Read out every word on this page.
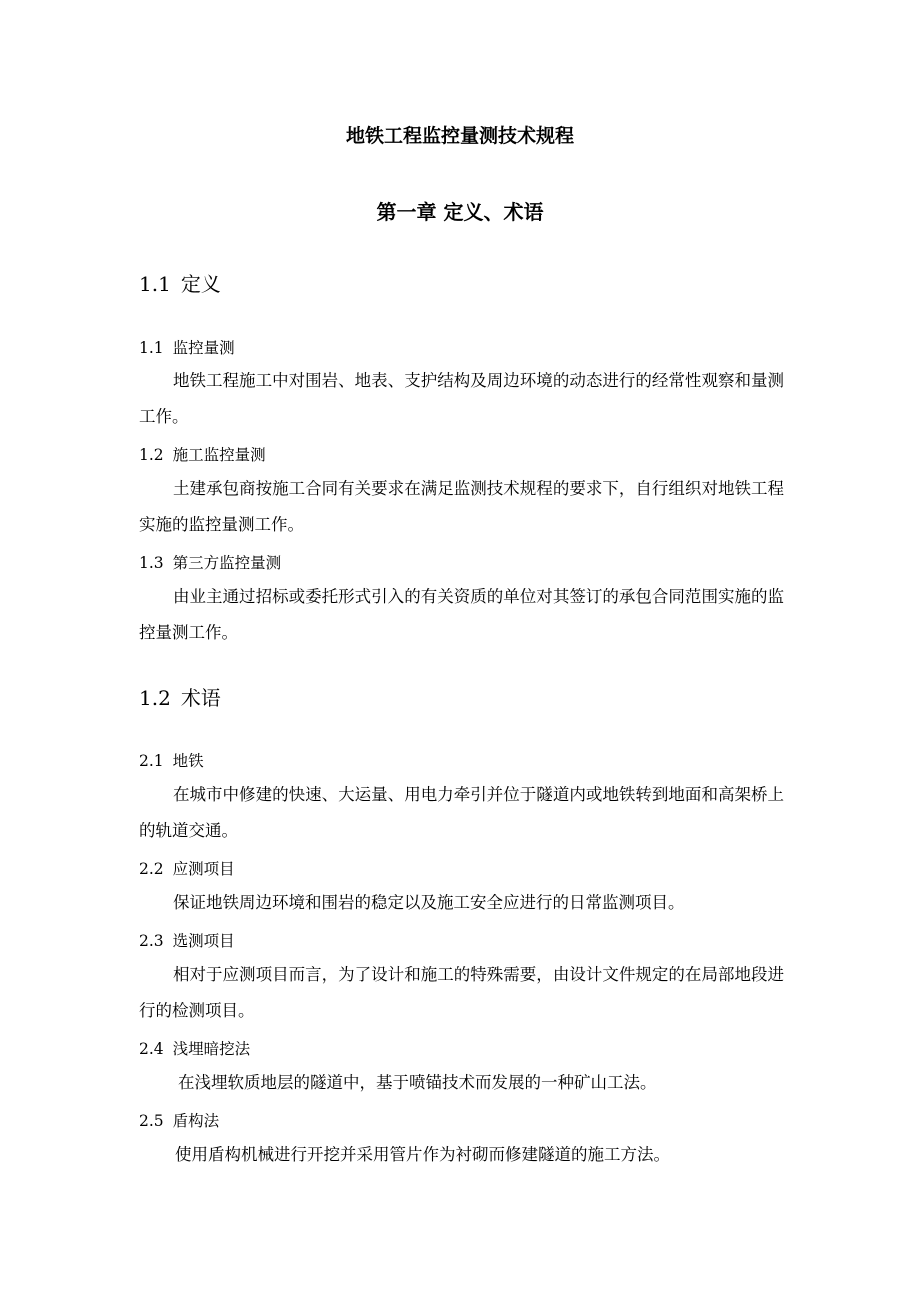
地铁工程监控量测技术规程
第一章 定义、术语
1.1 定义
1.1 监控量测

地铁工程施工中对围岩、地表、支护结构及周边环境的动态进行的经常性观察和量测工作。

1.2 施工监控量测

土建承包商按施工合同有关要求在满足监测技术规程的要求下，自行组织对地铁工程实施的监控量测工作。

1.3 第三方监控量测

由业主通过招标或委托形式引入的有关资质的单位对其签订的承包合同范围实施的监控量测工作。

1.2 术语
2.1 地铁

在城市中修建的快速、大运量、用电力牵引并位于隧道内或地铁转到地面和高架桥上的轨道交通。

2.2 应测项目

保证地铁周边环境和围岩的稳定以及施工安全应进行的日常监测项目。

2.3 选测项目

相对于应测项目而言，为了设计和施工的特殊需要，由设计文件规定的在局部地段进行的检测项目。

2.4 浅埋暗挖法

在浅埋软质地层的隧道中，基于喷锚技术而发展的一种矿山工法。

2.5 盾构法

使用盾构机械进行开挖并采用管片作为衬砌而修建隧道的施工方法。
